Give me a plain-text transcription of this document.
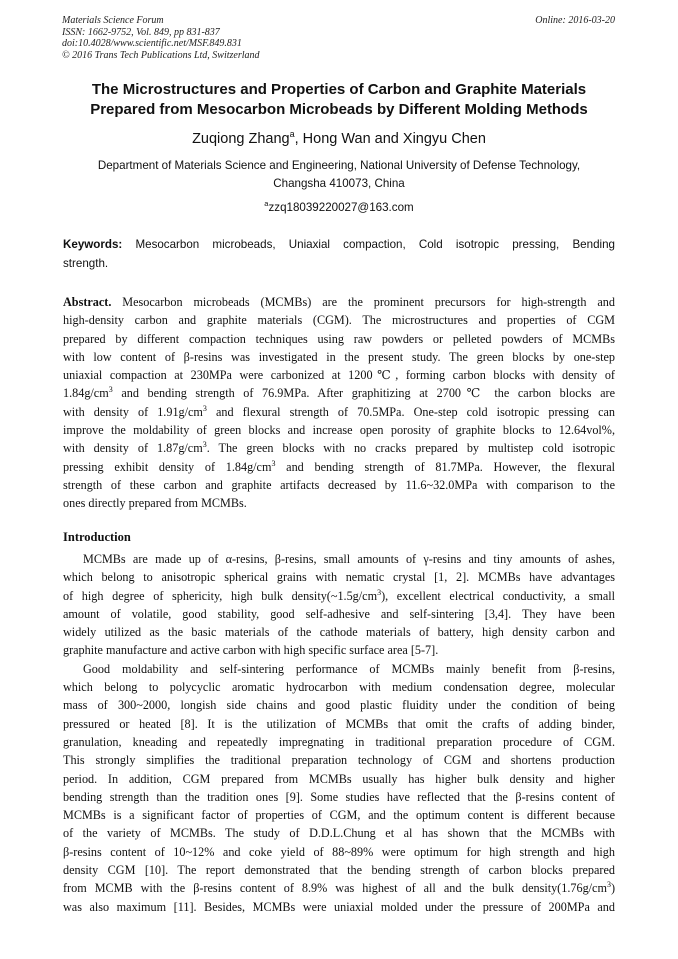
Materials Science Forum
ISSN: 1662-9752, Vol. 849, pp 831-837
doi:10.4028/www.scientific.net/MSF.849.831
© 2016 Trans Tech Publications Ltd, Switzerland
Online: 2016-03-20
The Microstructures and Properties of Carbon and Graphite Materials
Prepared from Mesocarbon Microbeads by Different Molding Methods
Zuqiong Zhang$^a$, Hong Wan and Xingyu Chen
Department of Materials Science and Engineering, National University of Defense Technology,
Changsha 410073, China
$^a$zzq18039220027@163.com
Keywords: Mesocarbon microbeads, Uniaxial compaction, Cold isotropic pressing, Bending
strength.
Abstract. Mesocarbon microbeads (MCMBs) are the prominent precursors for high-strength and
high-density carbon and graphite materials (CGM). The microstructures and properties of CGM
prepared by different compaction techniques using raw powders or pelleted powders of MCMBs
with low content of β-resins was investigated in the present study. The green blocks by one-step
uniaxial compaction at 230MPa were carbonized at 1200℃, forming carbon blocks with density of
$1.84g/cm^3$ and bending strength of 76.9MPa. After graphitizing at 2700℃ the carbon blocks are
with density of $1.91g/cm^3$ and flexural strength of 70.5MPa. One-step cold isotropic pressing can
improve the moldability of green blocks and increase open porosity of graphite blocks to 12.64vol%,
with density of $1.87g/cm^3$. The green blocks with no cracks prepared by multistep cold isotropic
pressing exhibit density of $1.84g/cm^3$ and bending strength of 81.7MPa. However, the flexural
strength of these carbon and graphite artifacts decreased by 11.6~32.0MPa with comparison to the
ones directly prepared from MCMBs.
Introduction
MCMBs are made up of α-resins, β-resins, small amounts of γ-resins and tiny amounts of ashes,
which belong to anisotropic spherical grains with nematic crystal [1, 2]. MCMBs have advantages
of high degree of sphericity, high bulk $density(\sim 1.5g/cm^3)$, excellent electrical conductivity, a small
amount of volatile, good stability, good self-adhesive and self-sintering [3,4]. They have been
widely utilized as the basic materials of the cathode materials of battery, high density carbon and
graphite manufacture and active carbon with high specific surface area [5-7].
Good moldability and self-sintering performance of MCMBs mainly benefit from β-resins,
which belong to polycyclic aromatic hydrocarbon with medium condensation degree, molecular
mass of 300~2000, longish side chains and good plastic fluidity under the condition of being
pressured or heated [8]. It is the utilization of MCMBs that omit the crafts of adding binder,
granulation, kneading and repeatedly impregnating in traditional preparation procedure of CGM.
This strongly simplifies the traditional preparation technology of CGM and shortens production
period. In addition, CGM prepared from MCMBs usually has higher bulk density and higher
bending strength than the tradition ones [9]. Some studies have reflected that the β-resins content of
MCMBs is a significant factor of properties of CGM, and the optimum content is different because
of the variety of MCMBs. The study of D.D.L.Chung et al has shown that the MCMBs with
β-resins content of 10~12% and coke yield of 88~89% were optimum for high strength and high
density CGM [10]. The report demonstrated that the bending strength of carbon blocks prepared
from MCMB with the β-resins content of 8.9% was highest of all and the bulk $density(1.76g/cm^3)$
was also maximum [11]. Besides, MCMBs were uniaxial molded under the pressure of 200MPa and
